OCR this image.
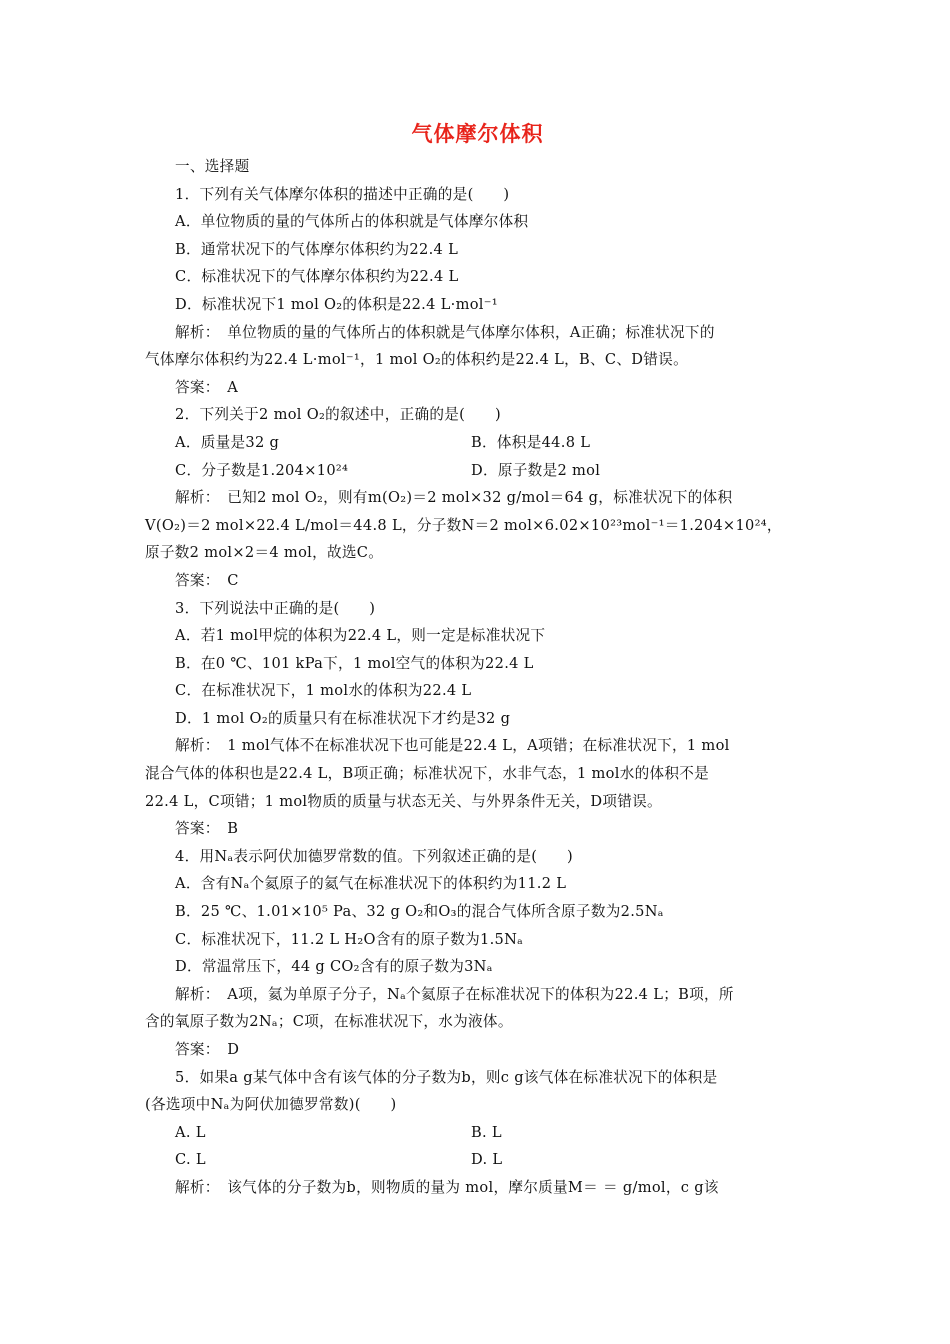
气体摩尔体积
一、选择题
1．下列有关气体摩尔体积的描述中正确的是(　　)
A．单位物质的量的气体所占的体积就是气体摩尔体积
B．通常状况下的气体摩尔体积约为22.4 L
C．标准状况下的气体摩尔体积约为22.4 L
D．标准状况下1 mol O₂的体积是22.4 L·mol⁻¹
解析：　单位物质的量的气体所占的体积就是气体摩尔体积，A正确；标准状况下的
气体摩尔体积约为22.4 L·mol⁻¹，1 mol O₂的体积约是22.4 L，B、C、D错误。
答案：　A
2．下列关于2 mol O₂的叙述中，正确的是(　　)
A．质量是32 g	B．体积是44.8 L
C．分子数是1.204×10²⁴	D．原子数是2 mol
解析：　已知2 mol O₂，则有m(O₂)＝2 mol×32 g/mol＝64 g，标准状况下的体积
V(O₂)＝2 mol×22.4 L/mol＝44.8 L，分子数N＝2 mol×6.02×10²³mol⁻¹＝1.204×10²⁴，
原子数2 mol×2＝4 mol，故选C。
答案：　C
3．下列说法中正确的是(　　)
A．若1 mol甲烷的体积为22.4 L，则一定是标准状况下
B．在0 ℃、101 kPa下，1 mol空气的体积为22.4 L
C．在标准状况下，1 mol水的体积为22.4 L
D．1 mol O₂的质量只有在标准状况下才约是32 g
解析：　1 mol气体不在标准状况下也可能是22.4 L，A项错；在标准状况下，1 mol
混合气体的体积也是22.4 L，B项正确；标准状况下，水非气态，1 mol水的体积不是
22.4 L，C项错；1 mol物质的质量与状态无关、与外界条件无关，D项错误。
答案：　B
4．用Nₐ表示阿伏加德罗常数的值。下列叙述正确的是(　　)
A．含有Nₐ个氦原子的氦气在标准状况下的体积约为11.2 L
B．25 ℃、1.01×10⁵ Pa、32 g O₂和O₃的混合气体所含原子数为2.5Nₐ
C．标准状况下，11.2 L H₂O含有的原子数为1.5Nₐ
D．常温常压下，44 g CO₂含有的原子数为3Nₐ
解析：　A项，氦为单原子分子，Nₐ个氦原子在标准状况下的体积为22.4 L；B项，所
含的氧原子数为2Nₐ；C项，在标准状况下，水为液体。
答案：　D
5．如果a g某气体中含有该气体的分子数为b，则c g该气体在标准状况下的体积是
(各选项中Nₐ为阿伏加德罗常数)(　　)
A. L	B. L
C. L	D. L
解析：　该气体的分子数为b，则物质的量为 mol，摩尔质量M＝ ＝ g/mol，c g该
